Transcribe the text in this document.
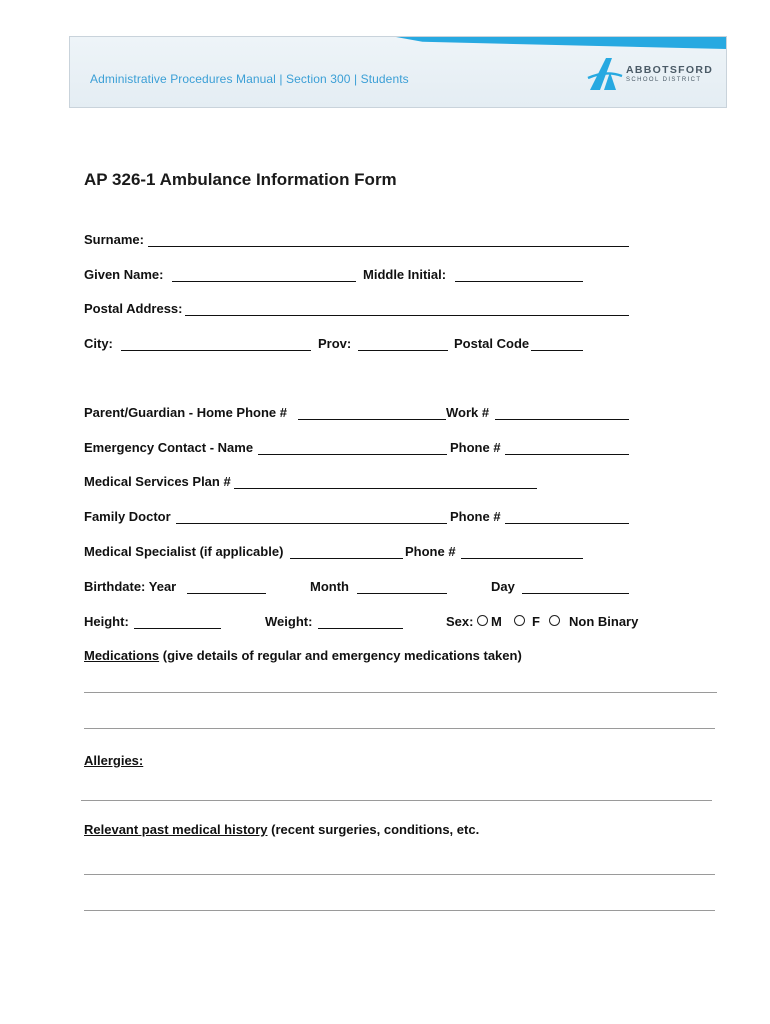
Administrative Procedures Manual | Section 300 | Students
ABBOTSFORD
SCHOOL DISTRICT
AP 326-1 Ambulance Information Form
Surname:
Given Name:	Middle Initial:
Postal Address:
City:	Prov:	Postal Code
Parent/Guardian - Home Phone #	Work #
Emergency Contact - Name	Phone #
Medical Services Plan #
Family Doctor	Phone #
Medical Specialist (if applicable)	Phone #
Birthdate: Year	Month	Day
Height:	Weight:	Sex: M F Non Binary
Medications (give details of regular and emergency medications taken)
Allergies:
Relevant past medical history (recent surgeries, conditions, etc.
